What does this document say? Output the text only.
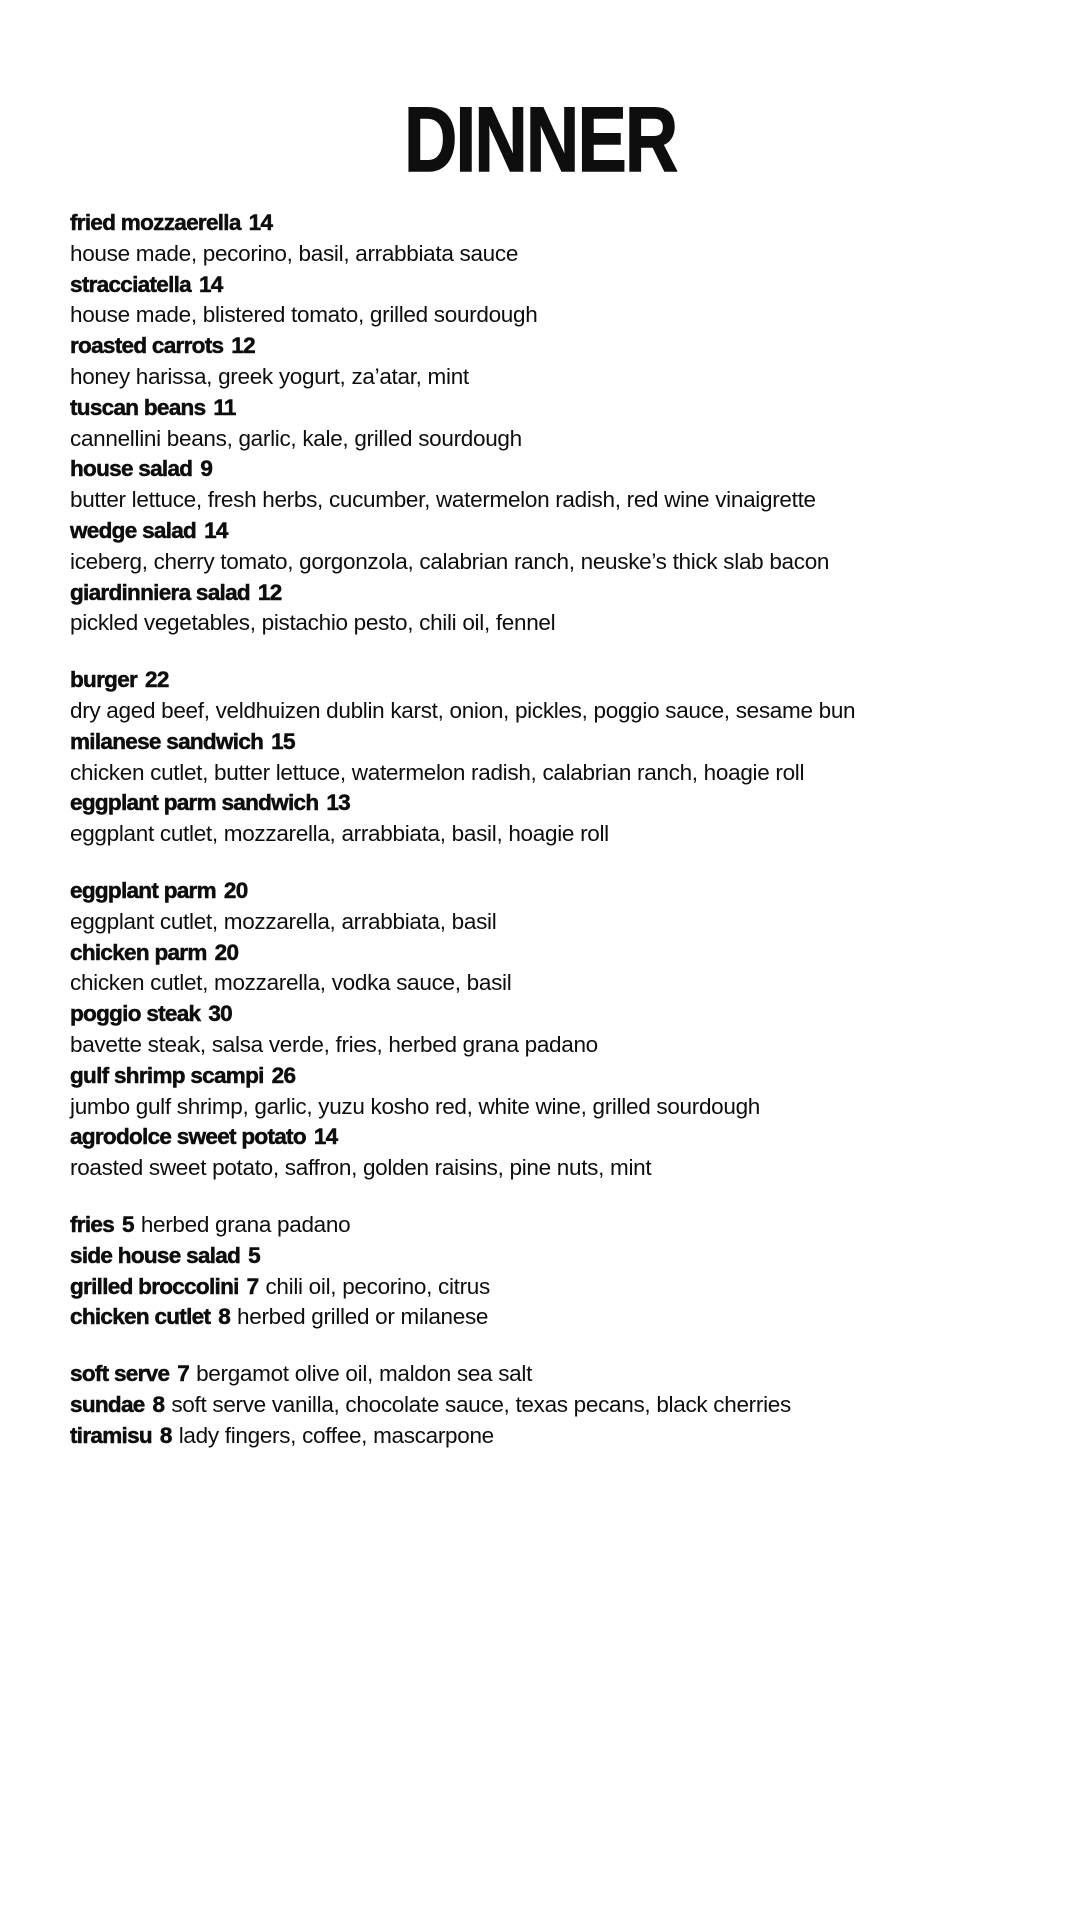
DINNER
fried mozzaerella 14
house made, pecorino, basil, arrabbiata sauce
stracciatella 14
house made, blistered tomato, grilled sourdough
roasted carrots 12
honey harissa, greek yogurt, za’atar, mint
tuscan beans 11
cannellini beans, garlic, kale, grilled sourdough
house salad 9
butter lettuce, fresh herbs, cucumber, watermelon radish, red wine vinaigrette
wedge salad 14
iceberg, cherry tomato, gorgonzola, calabrian ranch, neuske’s thick slab bacon
giardinniera salad 12
pickled vegetables, pistachio pesto, chili oil, fennel
burger 22
dry aged beef, veldhuizen dublin karst, onion, pickles, poggio sauce, sesame bun
milanese sandwich 15
chicken cutlet, butter lettuce, watermelon radish, calabrian ranch, hoagie roll
eggplant parm sandwich 13
eggplant cutlet, mozzarella, arrabbiata, basil, hoagie roll
eggplant parm 20
eggplant cutlet, mozzarella, arrabbiata, basil
chicken parm 20
chicken cutlet, mozzarella, vodka sauce, basil
poggio steak 30
bavette steak, salsa verde, fries, herbed grana padano
gulf shrimp scampi 26
jumbo gulf shrimp, garlic, yuzu kosho red, white wine, grilled sourdough
agrodolce sweet potato 14
roasted sweet potato, saffron, golden raisins, pine nuts, mint
fries 5 herbed grana padano
side house salad 5
grilled broccolini 7 chili oil, pecorino, citrus
chicken cutlet 8 herbed grilled or milanese
soft serve 7 bergamot olive oil, maldon sea salt
sundae 8 soft serve vanilla, chocolate sauce, texas pecans, black cherries
tiramisu 8 lady fingers, coffee, mascarpone
